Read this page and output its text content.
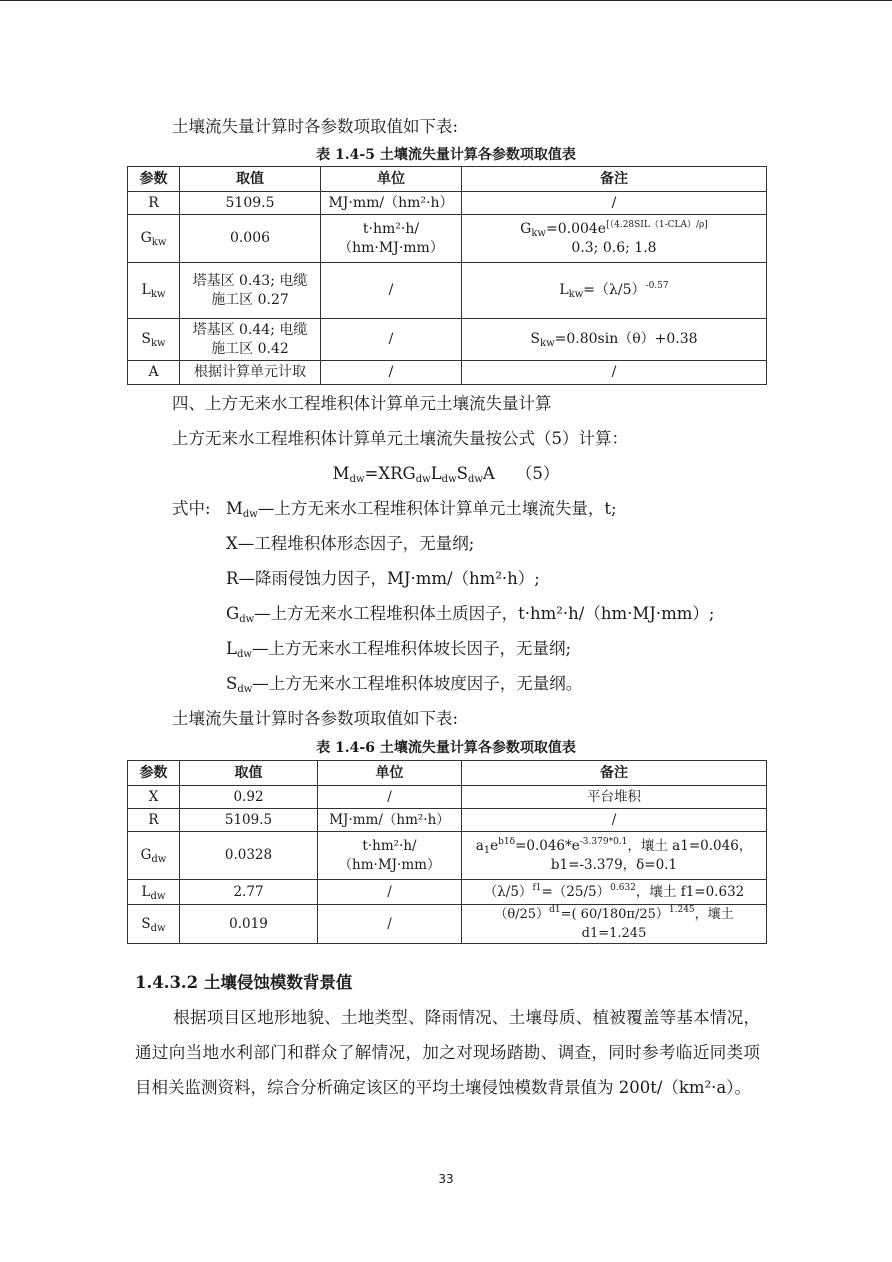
土壤流失量计算时各参数项取值如下表:
表 1.4-5 土壤流失量计算各参数项取值表
参数	取值	单位	备注
R	5109.5	MJ·mm/（hm²·h）	/
$G_{kw}$	0.006	t·hm²·h/
（hm·MJ·mm）	$G_{kw}=0.004e[(4.28SIL(1-CLA)/\rho]$
0.3; 0.6; 1.8

$L_{kw}$	塔基区 0.43; 电缆
施工区 0.27	/	$L_{kw}=(\lambda/5)^{-0.57}$
$S_{kw}$	塔基区 0.44; 电缆
施工区 0.42	/	$S_{kw}=0.80\sin(\theta)+0.38$
A	根据计算单元计取	/	/
四、上方无来水工程堆积体计算单元土壤流失量计算
上方无来水工程堆积体计算单元土壤流失量按公式（5）计算：
$M_{dw}=XRG_{dw}L_{dw}S_{dw}A$ （5）
式中: $M_{dw}—$上方无来水工程堆积体计算单元土壤流失量，t;
X—工程堆积体形态因子，无量纲;
R—降雨侵蚀力因子，MJ·mm/（hm²·h）;
$G_{dw}—$上方无来水工程堆积体土质因子，t·hm²·h/（hm·MJ·mm）;
$L_{dw}—$上方无来水工程堆积体坡长因子，无量纲;
$S_{dw}—$上方无来水工程堆积体坡度因子，无量纲。
土壤流失量计算时各参数项取值如下表:
表 1.4-6 土壤流失量计算各参数项取值表
参数	取值	单位	备注
X	0.92	/	平台堆积
R	5109.5	MJ·mm/（hm²·h）	/
$G_{dw}$	0.0328	t·hm²·h/
（hm·MJ·mm）	$a_1e^{b1\delta}=0.046*e^{-3.379*0.1}$，壤土 a1=0.046，
b1=-3.379，δ=0.1

$L_{dw}$	2.77	/	$(\lambda/5)^{f1}=(25/5)^{0.632}$，壤土 f1=0.632
$S_{dw}$	0.019	/	$(\theta/25)^{d1}=$( 60/180π/25）$^{1.245}$，壤土 d1=1.245
1.4.3.2 土壤侵蚀模数背景值
根据项目区地形地貌、土地类型、降雨情况、土壤母质、植被覆盖等基本情况，通过向当地水利部门和群众了解情况，加之对现场踏勘、调查，同时参考临近同类项目相关监测资料，综合分析确定该区的平均土壤侵蚀模数背景值为 200t/（km²·a）。
33
